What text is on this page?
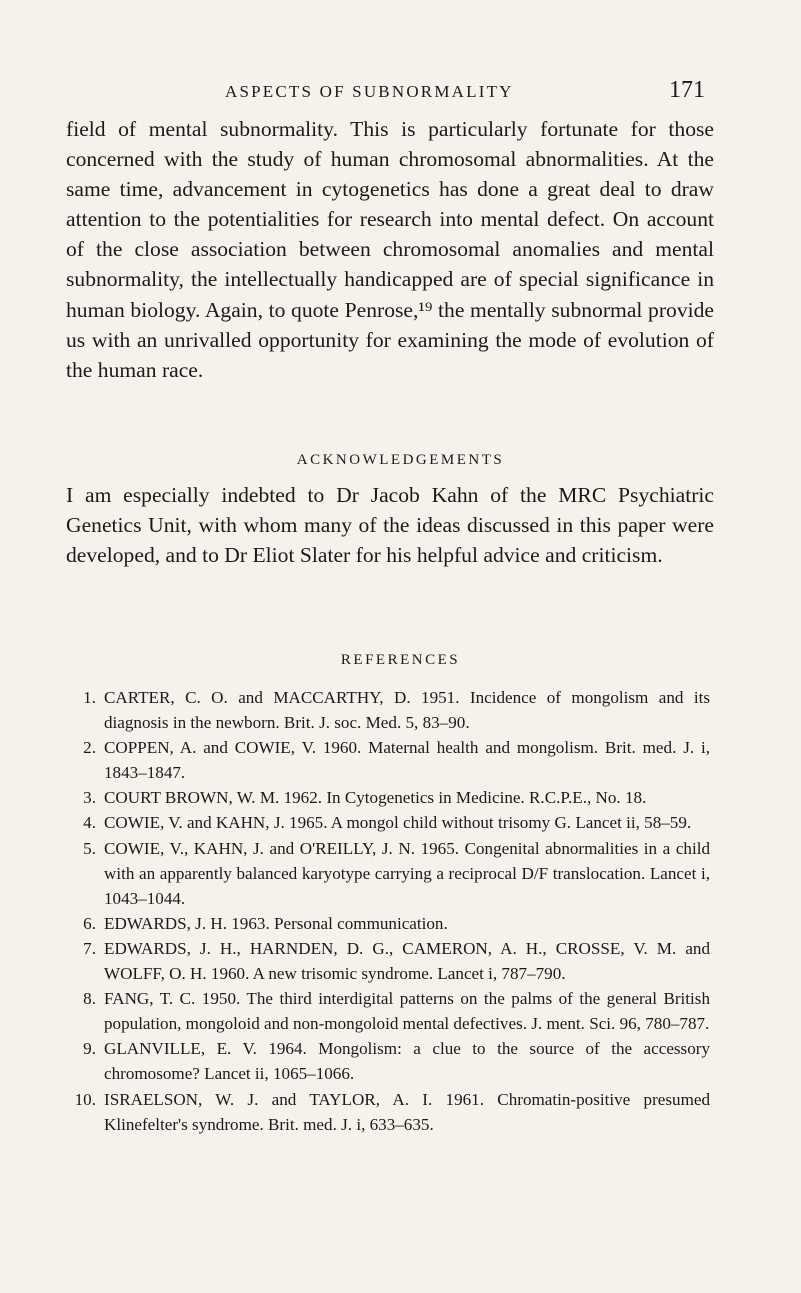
ASPECTS OF SUBNORMALITY	171

field of mental subnormality. This is particularly fortunate for those concerned with the study of human chromosomal abnormalities. At the same time, advancement in cytogenetics has done a great deal to draw attention to the potentialities for research into mental defect. On account of the close association between chromosomal anomalies and mental subnormality, the intellectually handicapped are of special significance in human biology. Again, to quote Penrose,¹⁹ the mentally subnormal provide us with an unrivalled opportunity for examining the mode of evolution of the human race.

ACKNOWLEDGEMENTS

I am especially indebted to Dr Jacob Kahn of the MRC Psychiatric Genetics Unit, with whom many of the ideas discussed in this paper were developed, and to Dr Eliot Slater for his helpful advice and criticism.

REFERENCES
1. CARTER, C. O. and MACCARTHY, D. 1951. Incidence of mongolism and its diagnosis in the newborn. Brit. J. soc. Med. 5, 83–90.
2. COPPEN, A. and COWIE, V. 1960. Maternal health and mongolism. Brit. med. J. i, 1843–1847.
3. COURT BROWN, W. M. 1962. In Cytogenetics in Medicine. R.C.P.E., No. 18.
4. COWIE, V. and KAHN, J. 1965. A mongol child without trisomy G. Lancet ii, 58–59.
5. COWIE, V., KAHN, J. and O'REILLY, J. N. 1965. Congenital abnormalities in a child with an apparently balanced karyotype carrying a reciprocal D/F translocation. Lancet i, 1043–1044.
6. EDWARDS, J. H. 1963. Personal communication.
7. EDWARDS, J. H., HARNDEN, D. G., CAMERON, A. H., CROSSE, V. M. and WOLFF, O. H. 1960. A new trisomic syndrome. Lancet i, 787–790.
8. FANG, T. C. 1950. The third interdigital patterns on the palms of the general British population, mongoloid and non-mongoloid mental defectives. J. ment. Sci. 96, 780–787.
9. GLANVILLE, E. V. 1964. Mongolism: a clue to the source of the accessory chromosome? Lancet ii, 1065–1066.
10. ISRAELSON, W. J. and TAYLOR, A. I. 1961. Chromatin-positive presumed Klinefelter's syndrome. Brit. med. J. i, 633–635.
